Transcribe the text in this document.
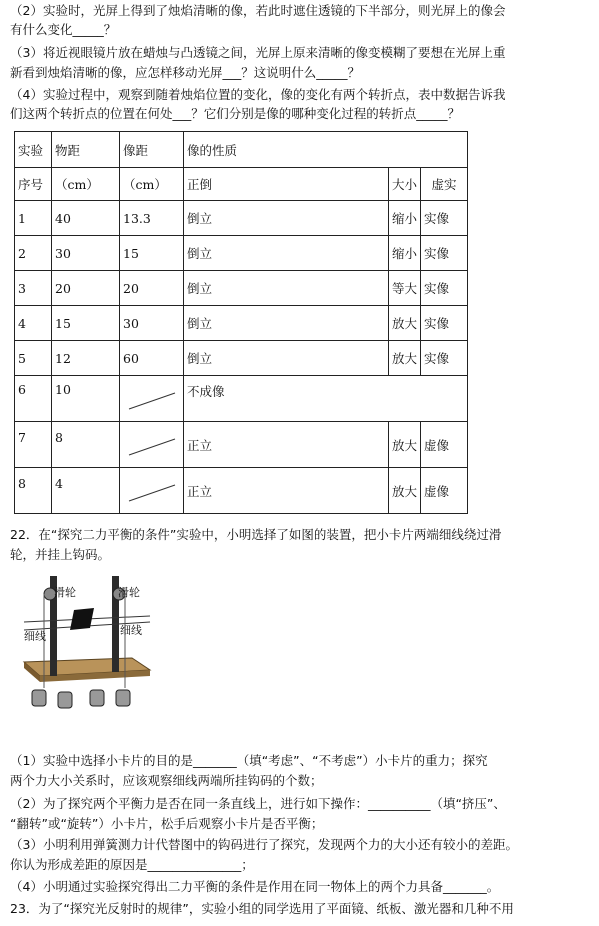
（2）实验时，光屏上得到了烛焰清晰的像，若此时遮住透镜的下半部分，则光屏上的像会
有什么变化_____？
（3）将近视眼镜片放在蜡烛与凸透镜之间，光屏上原来清晰的像变模糊了要想在光屏上重
新看到烛焰清晰的像，应怎样移动光屏___？这说明什么_____？
（4）实验过程中，观察到随着烛焰位置的变化，像的变化有两个转折点，表中数据告诉我
们这两个转折点的位置在何处___？它们分别是像的哪种变化过程的转折点_____？
实验	物距	像距	像的性质		
序号	（cm）	（cm）	正倒	大小	虚实
1	40	13.3	倒立	缩小	实像
2	30	15	倒立	缩小	实像
3	20	20	倒立	等大	实像
4	15	30	倒立	放大	实像
5	12	60	倒立	放大	实像
6	10		不成像		
7	8		正立	放大	虚像
8	4		正立	放大	虚像
22．在“探究二力平衡的条件”实验中，小明选择了如图的装置，把小卡片两端细线绕过滑
轮，并挂上钩码。
滑轮	滑轮
细线	细线
（1）实验中选择小卡片的目的是_______（填“考虑”、“不考虑”）小卡片的重力；探究
两个力大小关系时，应该观察细线两端所挂钩码的个数；
（2）为了探究两个平衡力是否在同一条直线上，进行如下操作：__________（填“挤压”、
“翻转”或“旋转”）小卡片，松手后观察小卡片是否平衡；
（3）小明利用弹簧测力计代替图中的钩码进行了探究，发现两个力的大小还有较小的差距。
你认为形成差距的原因是_______________；
（4）小明通过实验探究得出二力平衡的条件是作用在同一物体上的两个力具备_______。
23．为了“探究光反射时的规律”，实验小组的同学选用了平面镜、纸板、激光器和几种不用
